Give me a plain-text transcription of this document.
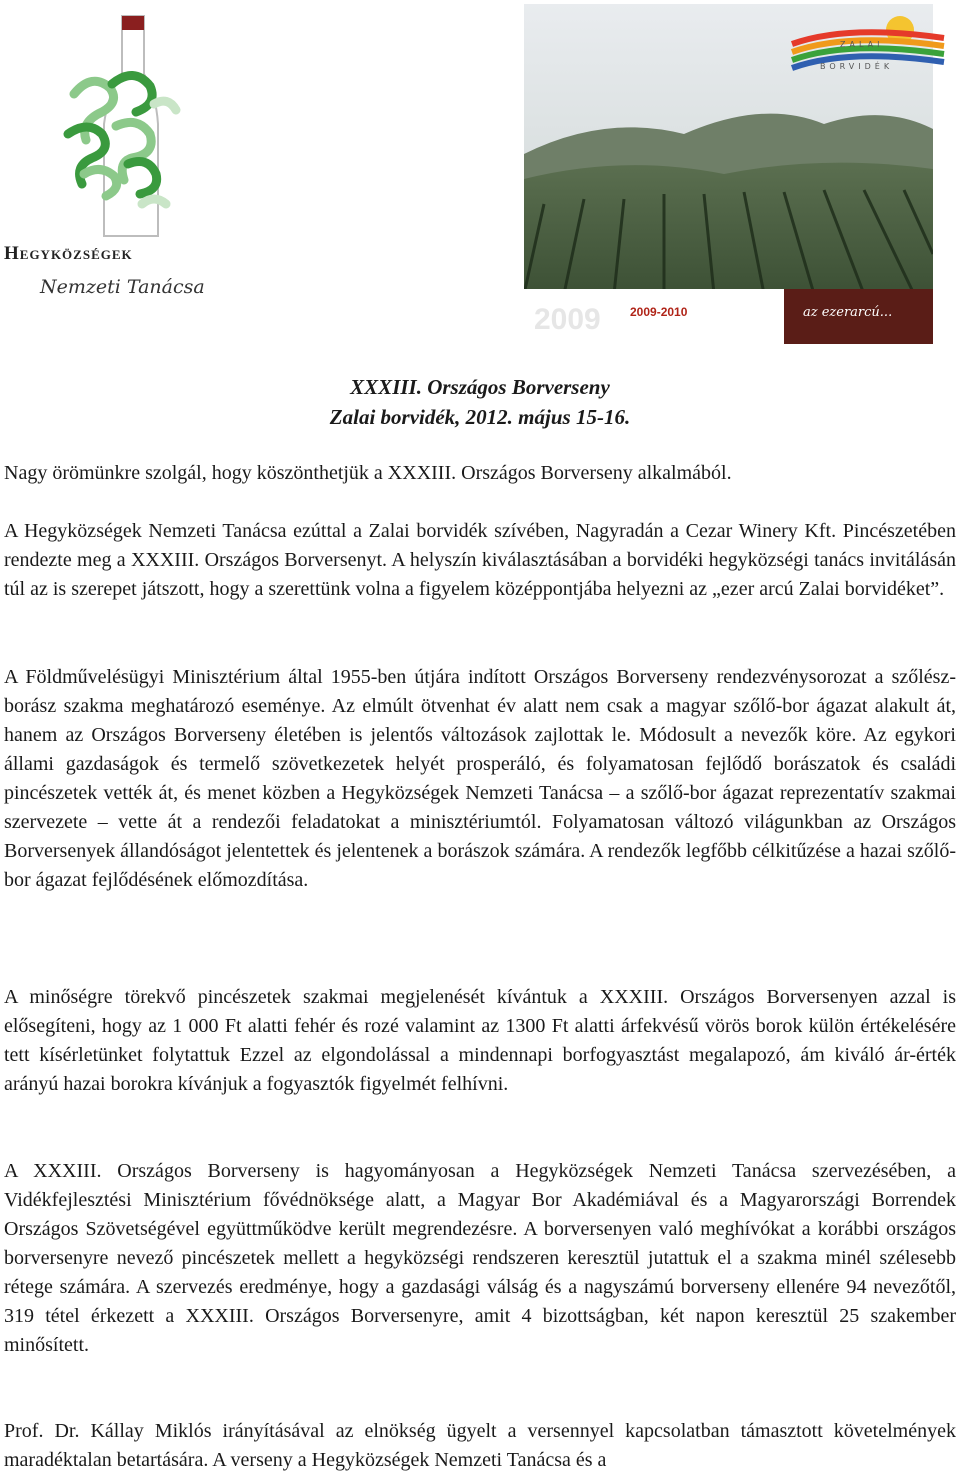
Hegyközségek
Nemzeti Tanácsa
2009 2009-2010	az ezerarcú...
ZALAI
BORVIDÉK
XXXIII. Országos Borverseny
Zalai borvidék, 2012. május 15-16.
Nagy örömünkre szolgál, hogy köszönthetjük a XXXIII. Országos Borverseny alkalmából.
A Hegyközségek Nemzeti Tanácsa ezúttal a Zalai borvidék szívében, Nagyradán a Cezar Winery Kft. Pincészetében rendezte meg a XXXIII. Országos Borversenyt. A helyszín kiválasztásában a borvidéki hegyközségi tanács invitálásán túl az is szerepet játszott, hogy a szerettünk volna a figyelem középpontjába helyezni az „ezer arcú Zalai borvidéket”.
A Földművelésügyi Minisztérium által 1955-ben útjára indított Országos Borverseny rendezvénysorozat a szőlész-borász szakma meghatározó eseménye. Az elmúlt ötvenhat év alatt nem csak a magyar szőlő-bor ágazat alakult át, hanem az Országos Borverseny életében is jelentős változások zajlottak le. Módosult a nevezők köre. Az egykori állami gazdaságok és termelő szövetkezetek helyét prosperáló, és folyamatosan fejlődő borászatok és családi pincészetek vették át, és menet közben a Hegyközségek Nemzeti Tanácsa – a szőlő-bor ágazat reprezentatív szakmai szervezete – vette át a rendezői feladatokat a minisztériumtól. Folyamatosan változó világunkban az Országos Borversenyek állandóságot jelentettek és jelentenek a borászok számára. A rendezők legfőbb célkitűzése a hazai szőlő-bor ágazat fejlődésének előmozdítása.
A minőségre törekvő pincészetek szakmai megjelenését kívántuk a XXXIII. Országos Borversenyen azzal is elősegíteni, hogy az 1 000 Ft alatti fehér és rozé valamint az 1300 Ft alatti árfekvésű vörös borok külön értékelésére tett kísérletünket folytattuk Ezzel az elgondolással a mindennapi borfogyasztást megalapozó, ám kiváló ár-érték arányú hazai borokra kívánjuk a fogyasztók figyelmét felhívni.
A XXXIII. Országos Borverseny is hagyományosan a Hegyközségek Nemzeti Tanácsa szervezésében, a Vidékfejlesztési Minisztérium fővédnöksége alatt, a Magyar Bor Akadémiával és a Magyarországi Borrendek Országos Szövetségével együttműködve került megrendezésre. A borversenyen való meghívókat a korábbi országos borversenyre nevező pincészetek mellett a hegyközségi rendszeren keresztül jutattuk el a szakma minél szélesebb rétege számára. A szervezés eredménye, hogy a gazdasági válság és a nagyszámú borverseny ellenére 94 nevezőtől, 319 tétel érkezett a XXXIII. Országos Borversenyre, amit 4 bizottságban, két napon keresztül 25 szakember minősített.
Prof. Dr. Kállay Miklós irányításával az elnökség ügyelt a versennyel kapcsolatban támasztott követelmények maradéktalan betartására. A verseny a Hegyközségek Nemzeti Tanácsa és a
